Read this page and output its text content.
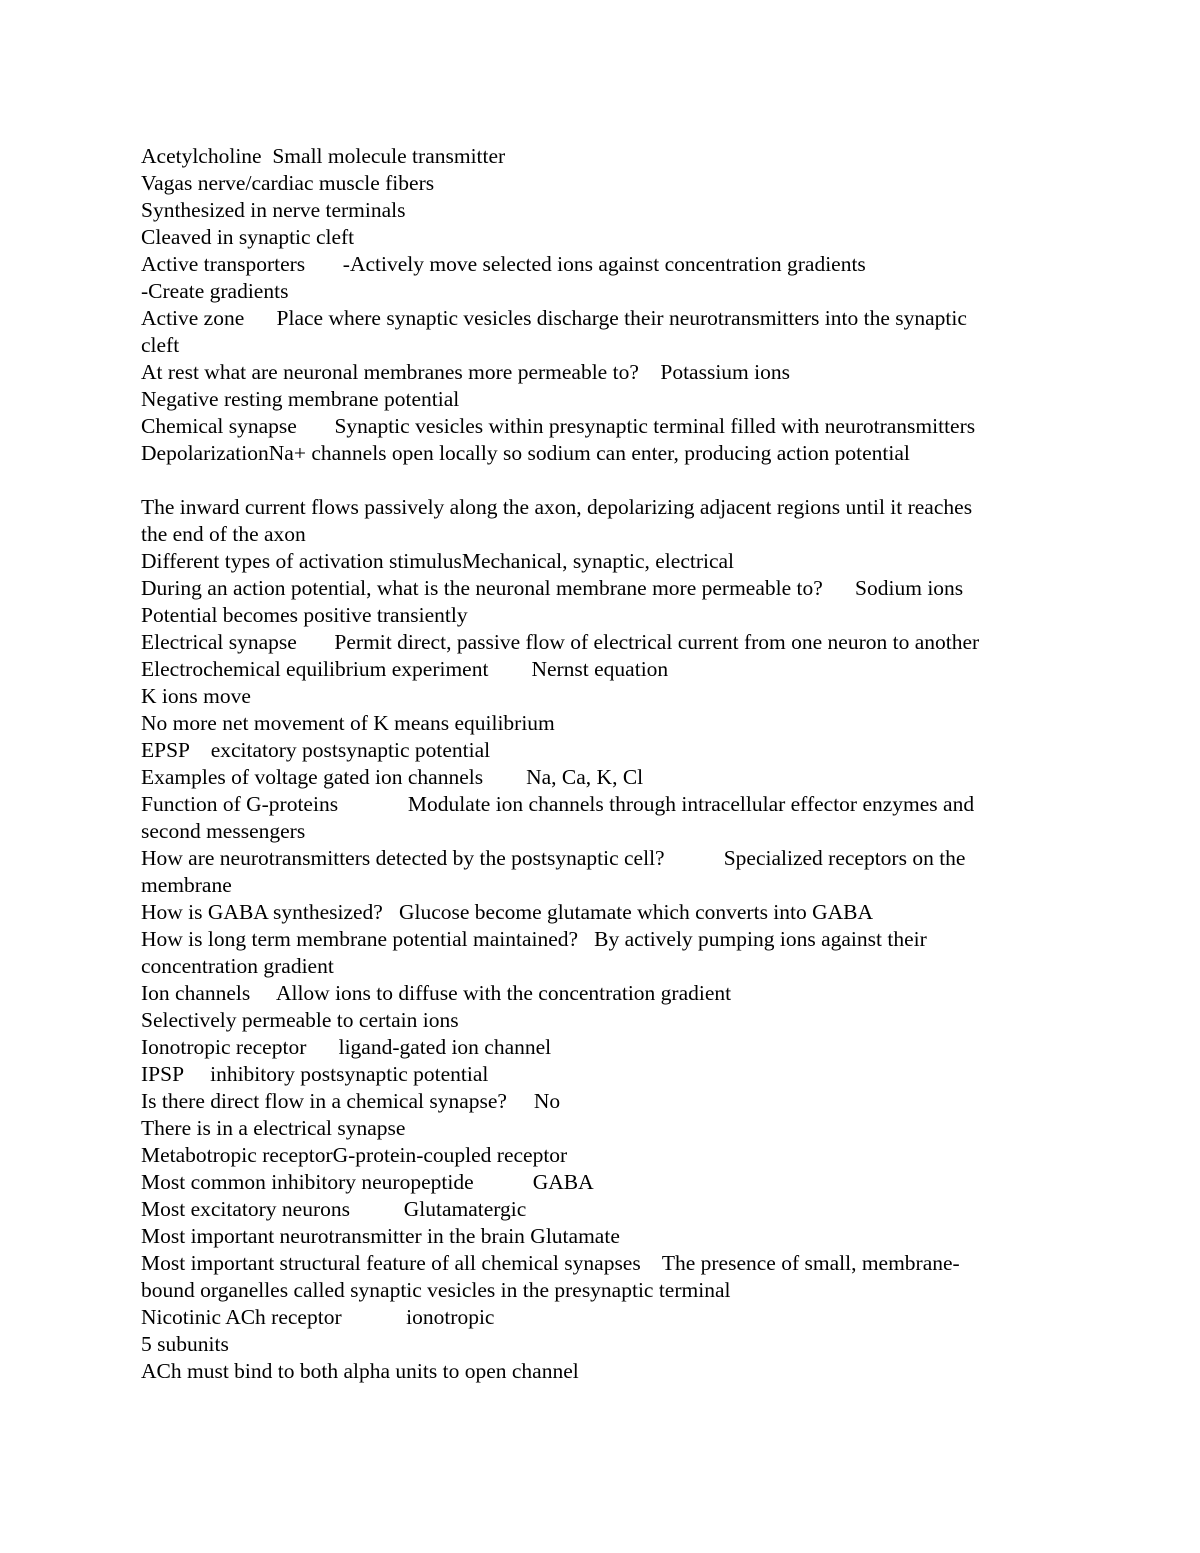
Acetylcholine  Small molecule transmitter
Vagas nerve/cardiac muscle fibers
Synthesized in nerve terminals
Cleaved in synaptic cleft
Active transporters       -Actively move selected ions against concentration gradients
-Create gradients
Active zone      Place where synaptic vesicles discharge their neurotransmitters into the synaptic
cleft
At rest what are neuronal membranes more permeable to?    Potassium ions
Negative resting membrane potential
Chemical synapse       Synaptic vesicles within presynaptic terminal filled with neurotransmitters
DepolarizationNa+ channels open locally so sodium can enter, producing action potential
The inward current flows passively along the axon, depolarizing adjacent regions until it reaches
the end of the axon
Different types of activation stimulusMechanical, synaptic, electrical
During an action potential, what is the neuronal membrane more permeable to?      Sodium ions
Potential becomes positive transiently
Electrical synapse       Permit direct, passive flow of electrical current from one neuron to another
Electrochemical equilibrium experiment        Nernst equation
K ions move
No more net movement of K means equilibrium
EPSP    excitatory postsynaptic potential
Examples of voltage gated ion channels        Na, Ca, K, Cl
Function of G-proteins             Modulate ion channels through intracellular effector enzymes and
second messengers
How are neurotransmitters detected by the postsynaptic cell?           Specialized receptors on the
membrane
How is GABA synthesized?   Glucose become glutamate which converts into GABA
How is long term membrane potential maintained?   By actively pumping ions against their
concentration gradient
Ion channels     Allow ions to diffuse with the concentration gradient
Selectively permeable to certain ions
Ionotropic receptor      ligand-gated ion channel
IPSP     inhibitory postsynaptic potential
Is there direct flow in a chemical synapse?     No
There is in a electrical synapse
Metabotropic receptorG-protein-coupled receptor
Most common inhibitory neuropeptide           GABA
Most excitatory neurons          Glutamatergic
Most important neurotransmitter in the brain Glutamate
Most important structural feature of all chemical synapses    The presence of small, membrane-
bound organelles called synaptic vesicles in the presynaptic terminal
Nicotinic ACh receptor            ionotropic
5 subunits
ACh must bind to both alpha units to open channel
